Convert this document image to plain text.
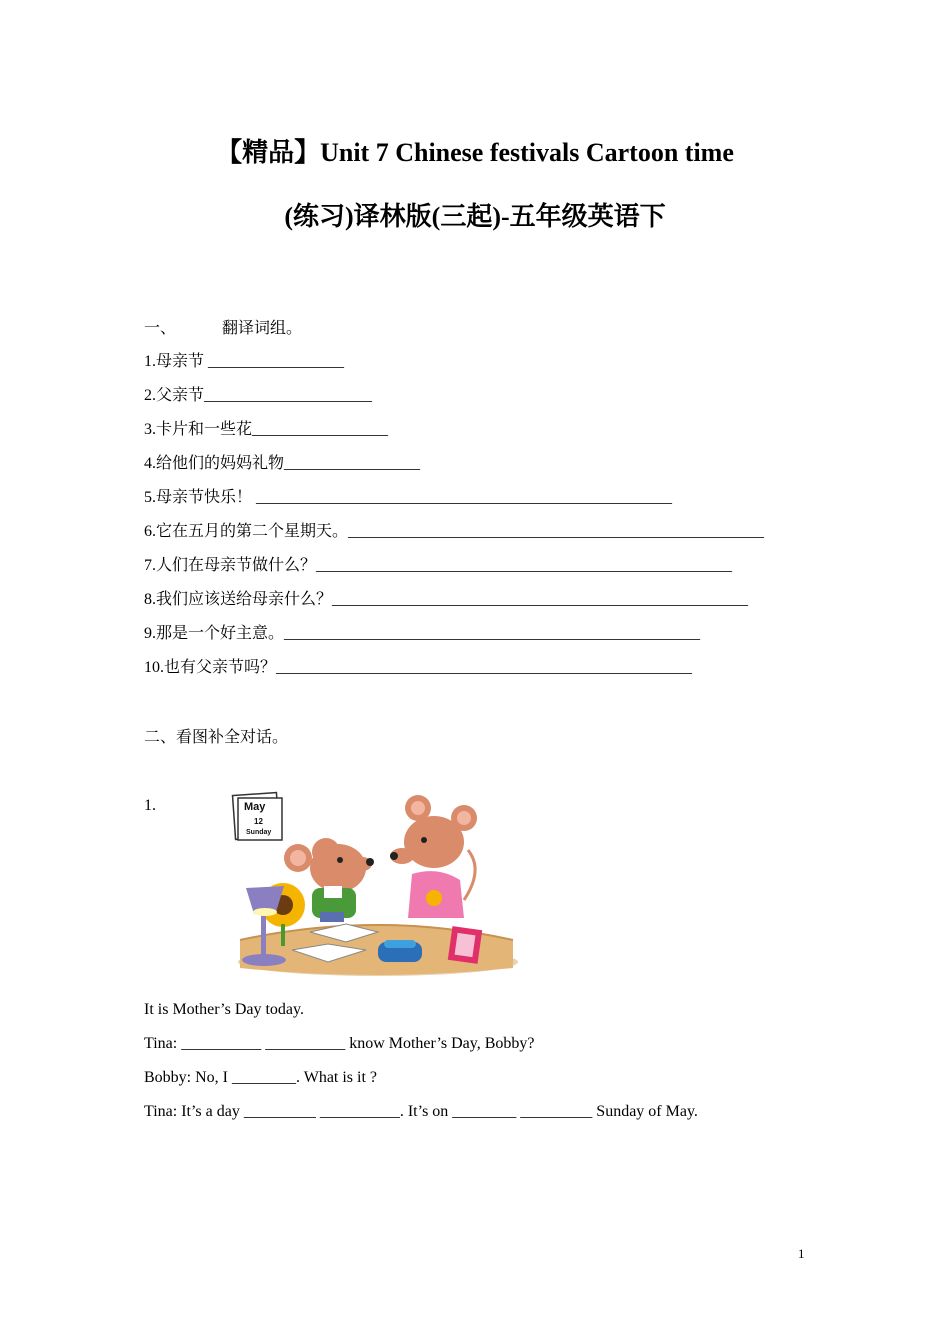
【精品】Unit 7 Chinese festivals Cartoon time
(练习)译林版(三起)-五年级英语下
一、	翻译词组。
1.母亲节 _________________
2.父亲节_____________________
3.卡片和一些花_________________
4.给他们的妈妈礼物_________________
5.母亲节快乐！ ____________________________________________________
6.它在五月的第二个星期天。____________________________________________________
7.人们在母亲节做什么？____________________________________________________
8.我们应该送给母亲什么？____________________________________________________
9.那是一个好主意。____________________________________________________
10.也有父亲节吗？____________________________________________________
二、看图补全对话。
1.	May
12
Sunday
It is Mother’s Day today.
Tina: __________ __________ know Mother’s Day, Bobby?
Bobby: No, I ________. What is it ?
Tina: It’s a day _________ __________. It’s on ________ _________ Sunday of May.
1
